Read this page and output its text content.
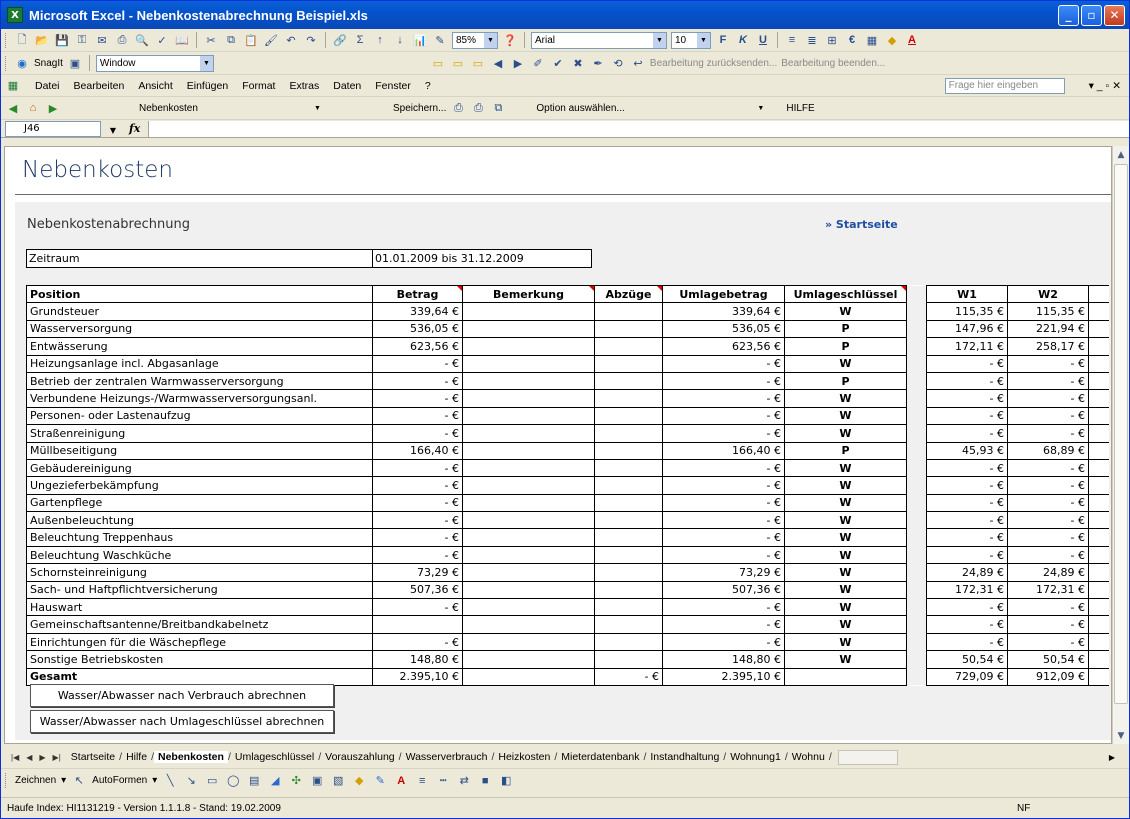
X Microsoft Excel - Nebenkostenabrechnung Beispiel.xls	_	▫	✕
🗋 📂 💾 ⚿	✉ ⎙ 🔍 ✓ 📖	✂	⧉ 📋 🖌 ↶ ↷	🔗 Σ	↑	↓ 📊 ✎	85%	▼ ❓ Arial	▼	10	▼	F	K	U	≡	≣ ⊞	€	▦ ◆	A
◉ SnagIt ▣ Window	▼	▭ ▭ ▭ ◀	▶	✐ ✔ ✖ ✒ ⟲ ↩ Bearbeitung zurücksenden... Bearbeitung beenden...
▦ Datei Bearbeiten Ansicht Einfügen Format Extras Daten Fenster ?	Frage hier eingeben	▾ _ ▫ ✕
◀	⌂	▶	Nebenkosten	▼	Speichern... ⎙	⎙	⧉	Option auswählen...	▼	HILFE
J46	▼ fx
Nebenkosten
Nebenkostenabrechnung	» Startseite
Zeitraum	01.01.2009 bis 31.12.2009
Position	Betrag	Bemerkung	Abzüge	Umlagebetrag	Umlageschlüssel		W1	W2	
Grundsteuer	339,64 €			339,64 €	W		115,35 €	115,35 €	
Wasserversorgung	536,05 €			536,05 €	P		147,96 €	221,94 €	
Entwässerung	623,56 €			623,56 €	P		172,11 €	258,17 €	
Heizungsanlage incl. Abgasanlage	- €			- €	W		- €	- €	
Betrieb der zentralen Warmwasserversorgung	- €			- €	P		- €	- €	
Verbundene Heizungs-/Warmwasserversorgungsanl.	- €			- €	W		- €	- €	
Personen- oder Lastenaufzug	- €			- €	W		- €	- €	
Straßenreinigung	- €			- €	W		- €	- €	
Müllbeseitigung	166,40 €			166,40 €	P		45,93 €	68,89 €	
Gebäudereinigung	- €			- €	W		- €	- €	
Ungezieferbekämpfung	- €			- €	W		- €	- €	
Gartenpflege	- €			- €	W		- €	- €	
Außenbeleuchtung	- €			- €	W		- €	- €	
Beleuchtung Treppenhaus	- €			- €	W		- €	- €	
Beleuchtung Waschküche	- €			- €	W		- €	- €	
Schornsteinreinigung	73,29 €			73,29 €	W		24,89 €	24,89 €	
Sach- und Haftpflichtversicherung	507,36 €			507,36 €	W		172,31 €	172,31 €	
Hauswart	- €			- €	W		- €	- €	
Gemeinschaftsantenne/Breitbandkabelnetz				- €	W		- €	- €	
Einrichtungen für die Wäschepflege	- €			- €	W		- €	- €	
Sonstige Betriebskosten	148,80 €			148,80 €	W		50,54 €	50,54 €	
Gesamt	2.395,10 €		- €	2.395,10 €			729,09 €	912,09 €	
Wasser/Abwasser nach Verbrauch abrechnen
Wasser/Abwasser nach Umlageschlüssel abrechnen
▲
▼
|◀ ◀ ▶ ▶| Startseite / Hilfe / Nebenkosten / Umlageschlüssel / Vorauszahlung / Wasserverbrauch / Heizkosten / Mieterdatenbank / Instandhaltung / Wohnung1 / Wohnu /	▶
Zeichnen ▾ ↖ AutoFormen ▾ ╲	↘	▭ ◯ ▤	◢	✣	▣ ▧	◆	✎	A	≡	┅	⇄	■	◧
Haufe Index: HI1131219 - Version 1.1.1.8 - Stand: 19.02.2009	NF
